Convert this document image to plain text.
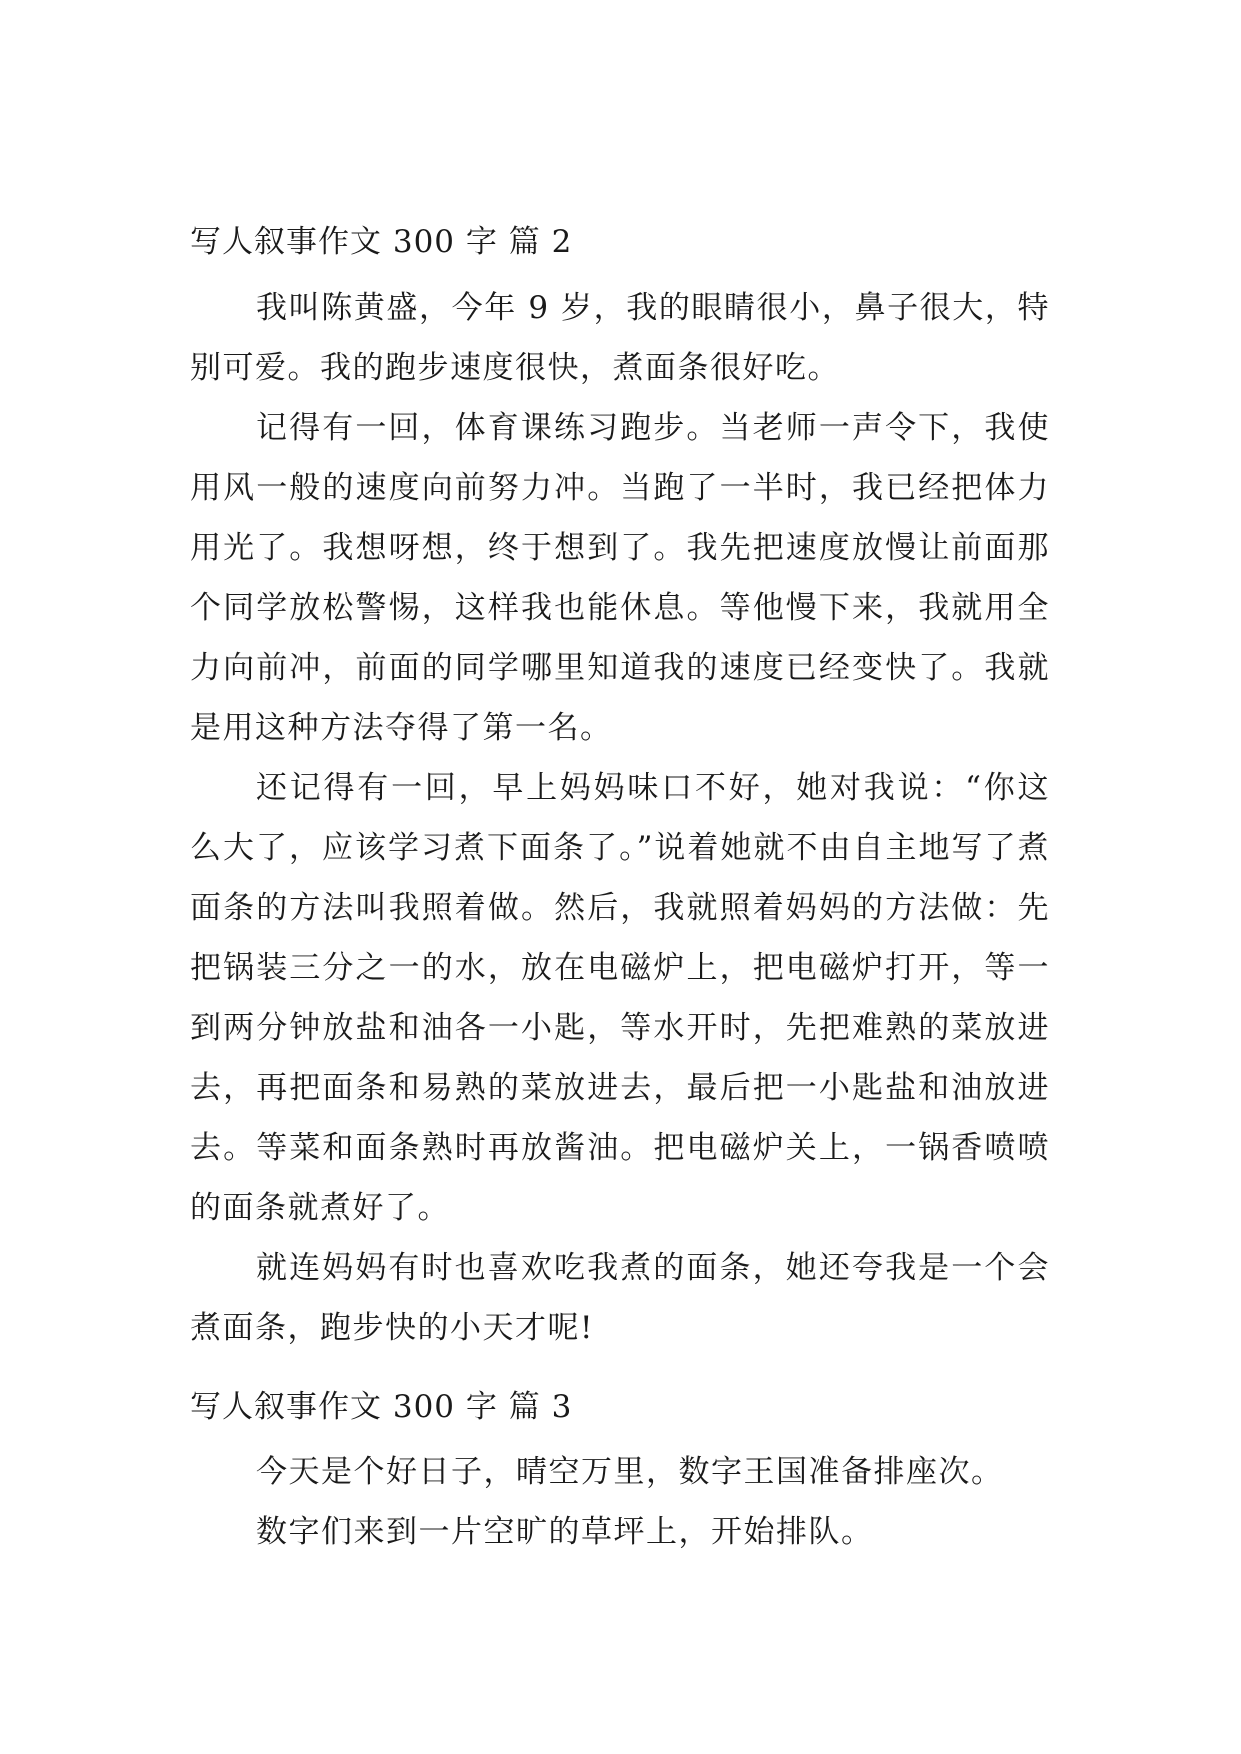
写人叙事作文 300 字 篇 2

我叫陈黄盛，今年 9 岁，我的眼睛很小，鼻子很大，特别可爱。我的跑步速度很快，煮面条很好吃。

记得有一回，体育课练习跑步。当老师一声令下，我使用风一般的速度向前努力冲。当跑了一半时，我已经把体力用光了。我想呀想，终于想到了。我先把速度放慢让前面那个同学放松警惕，这样我也能休息。等他慢下来，我就用全力向前冲，前面的同学哪里知道我的速度已经变快了。我就是用这种方法夺得了第一名。

还记得有一回，早上妈妈味口不好，她对我说：“你这么大了，应该学习煮下面条了。”说着她就不由自主地写了煮面条的方法叫我照着做。然后，我就照着妈妈的方法做：先把锅装三分之一的水，放在电磁炉上，把电磁炉打开，等一到两分钟放盐和油各一小匙，等水开时，先把难熟的菜放进去，再把面条和易熟的菜放进去，最后把一小匙盐和油放进去。等菜和面条熟时再放酱油。把电磁炉关上，一锅香喷喷的面条就煮好了。

就连妈妈有时也喜欢吃我煮的面条，她还夸我是一个会煮面条，跑步快的小天才呢!

写人叙事作文 300 字 篇 3

今天是个好日子，晴空万里，数字王国准备排座次。

数字们来到一片空旷的草坪上，开始排队。
